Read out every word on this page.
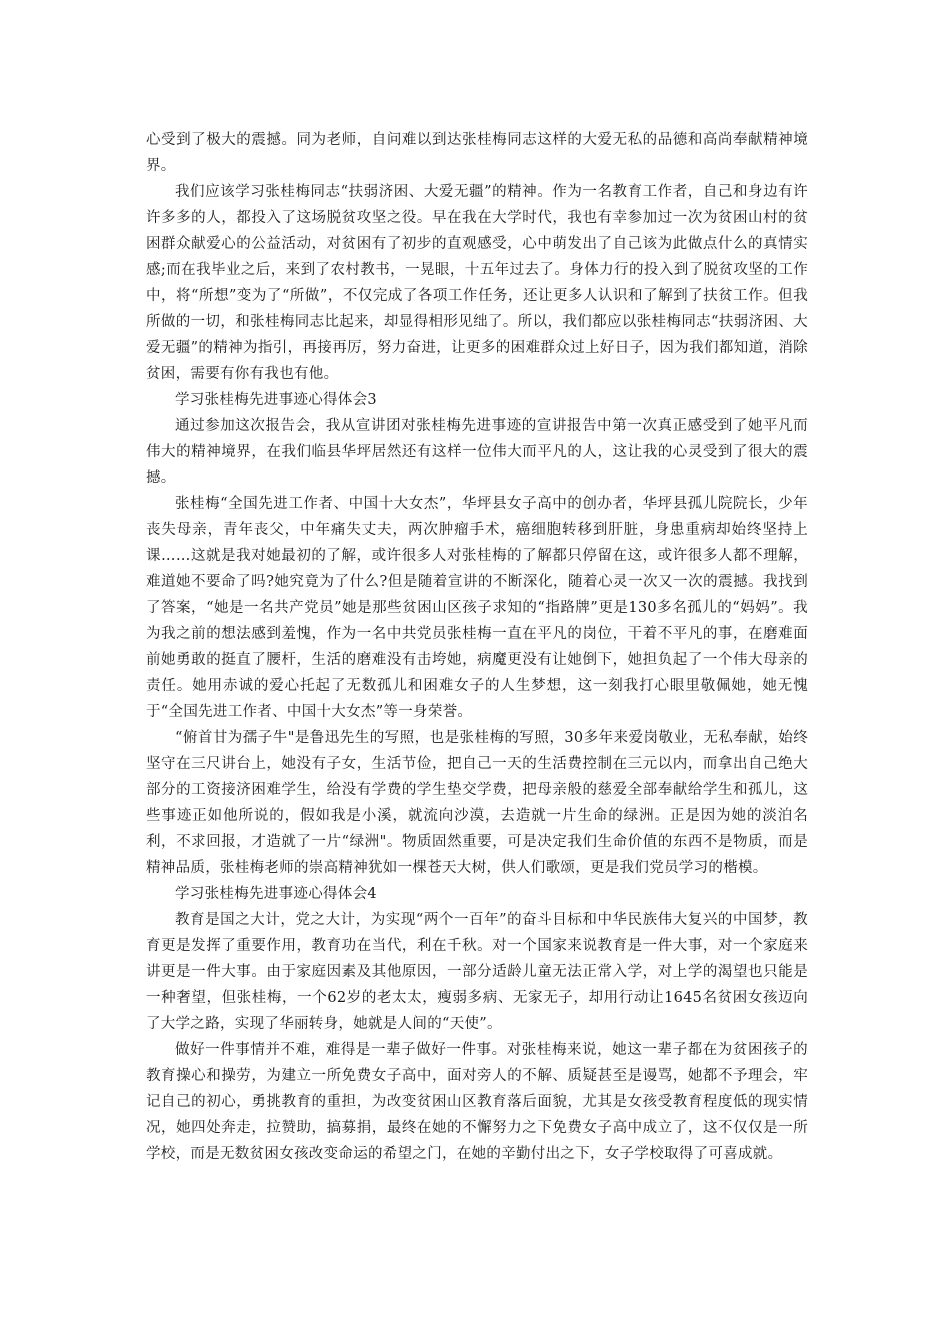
心受到了极大的震撼。同为老师，自问难以到达张桂梅同志这样的大爱无私的品德和高尚奉献精神境界。

我们应该学习张桂梅同志“扶弱济困、大爱无疆”的精神。作为一名教育工作者，自己和身边有许许多多的人，都投入了这场脱贫攻坚之役。早在我在大学时代，我也有幸参加过一次为贫困山村的贫困群众献爱心的公益活动，对贫困有了初步的直观感受，心中萌发出了自己该为此做点什么的真情实感;而在我毕业之后，来到了农村教书，一晃眼，十五年过去了。身体力行的投入到了脱贫攻坚的工作中，将“所想”变为了“所做”，不仅完成了各项工作任务，还让更多人认识和了解到了扶贫工作。但我所做的一切，和张桂梅同志比起来，却显得相形见绌了。所以，我们都应以张桂梅同志“扶弱济困、大爱无疆”的精神为指引，再接再厉，努力奋进，让更多的困难群众过上好日子，因为我们都知道，消除贫困，需要有你有我也有他。

学习张桂梅先进事迹心得体会3

通过参加这次报告会，我从宣讲团对张桂梅先进事迹的宣讲报告中第一次真正感受到了她平凡而伟大的精神境界，在我们临县华坪居然还有这样一位伟大而平凡的人，这让我的心灵受到了很大的震撼。

张桂梅“全国先进工作者、中国十大女杰”，华坪县女子高中的创办者，华坪县孤儿院院长，少年丧失母亲，青年丧父，中年痛失丈夫，两次肿瘤手术，癌细胞转移到肝脏，身患重病却始终坚持上课……这就是我对她最初的了解，或许很多人对张桂梅的了解都只停留在这，或许很多人都不理解，难道她不要命了吗?她究竟为了什么?但是随着宣讲的不断深化，随着心灵一次又一次的震撼。我找到了答案，“她是一名共产党员”她是那些贫困山区孩子求知的“指路牌”更是130多名孤儿的“妈妈”。我为我之前的想法感到羞愧，作为一名中共党员张桂梅一直在平凡的岗位，干着不平凡的事，在磨难面前她勇敢的挺直了腰杆，生活的磨难没有击垮她，病魔更没有让她倒下，她担负起了一个伟大母亲的责任。她用赤诚的爱心托起了无数孤儿和困难女子的人生梦想，这一刻我打心眼里敬佩她，她无愧于“全国先进工作者、中国十大女杰”等一身荣誉。

“俯首甘为孺子牛"是鲁迅先生的写照，也是张桂梅的写照，30多年来爱岗敬业，无私奉献，始终坚守在三尺讲台上，她没有子女，生活节俭，把自己一天的生活费控制在三元以内，而拿出自己绝大部分的工资接济困难学生，给没有学费的学生垫交学费，把母亲般的慈爱全部奉献给学生和孤儿，这些事迹正如他所说的，假如我是小溪，就流向沙漠，去造就一片生命的绿洲。正是因为她的淡泊名利，不求回报，才造就了一片“绿洲"。物质固然重要，可是决定我们生命价值的东西不是物质，而是精神品质，张桂梅老师的崇高精神犹如一棵苍天大树，供人们歌颂，更是我们党员学习的楷模。

学习张桂梅先进事迹心得体会4

教育是国之大计，党之大计，为实现“两个一百年”的奋斗目标和中华民族伟大复兴的中国梦，教育更是发挥了重要作用，教育功在当代，利在千秋。对一个国家来说教育是一件大事，对一个家庭来讲更是一件大事。由于家庭因素及其他原因，一部分适龄儿童无法正常入学，对上学的渴望也只能是一种奢望，但张桂梅，一个62岁的老太太，瘦弱多病、无家无子，却用行动让1645名贫困女孩迈向了大学之路，实现了华丽转身，她就是人间的“天使”。

做好一件事情并不难，难得是一辈子做好一件事。对张桂梅来说，她这一辈子都在为贫困孩子的教育操心和操劳，为建立一所免费女子高中，面对旁人的不解、质疑甚至是谩骂，她都不予理会，牢记自己的初心，勇挑教育的重担，为改变贫困山区教育落后面貌，尤其是女孩受教育程度低的现实情况，她四处奔走，拉赞助，搞募捐，最终在她的不懈努力之下免费女子高中成立了，这不仅仅是一所学校，而是无数贫困女孩改变命运的希望之门，在她的辛勤付出之下，女子学校取得了可喜成就。
